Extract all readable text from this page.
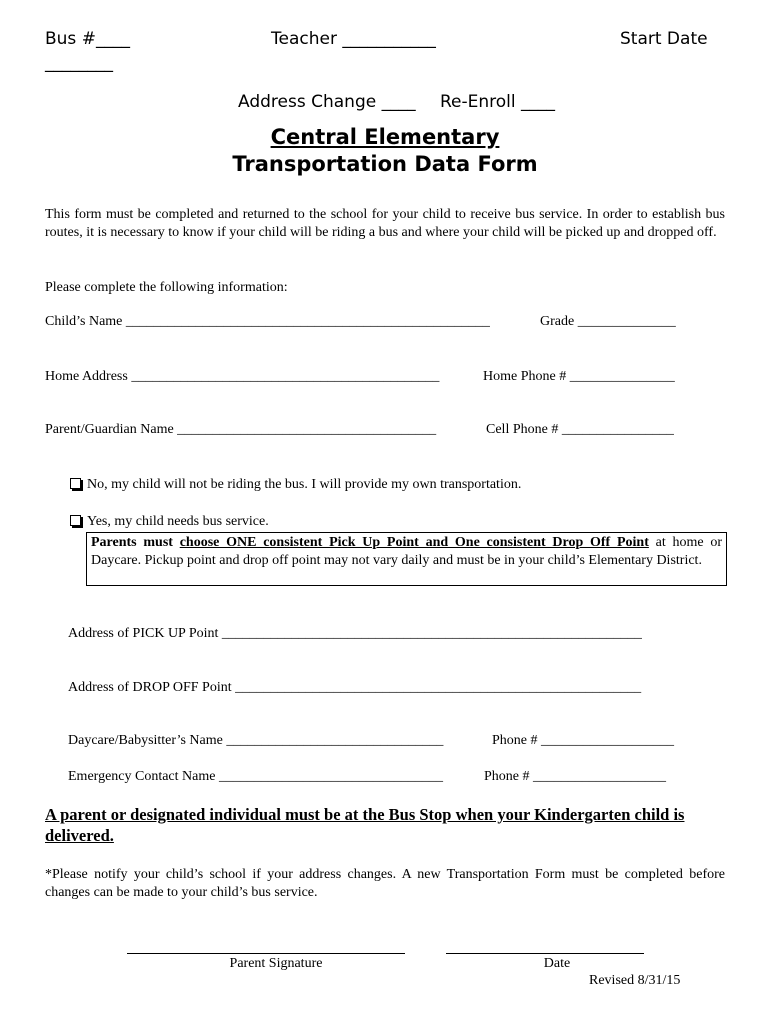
Bus #____
________
Teacher ___________	Start Date
Address Change ____ Re-Enroll ____
Central Elementary
Transportation Data Form
This form must be completed and returned to the school for your child to receive bus service. In order to establish bus routes, it is necessary to know if your child will be riding a bus and where your child will be picked up and dropped off.
Please complete the following information:
Child’s Name ____________________________________________________	Grade ______________
Home Address ____________________________________________	Home Phone # _______________
Parent/Guardian Name _____________________________________	Cell Phone # ________________
No, my child will not be riding the bus. I will provide my own transportation.
Yes, my child needs bus service.
Parents must choose ONE consistent Pick Up Point and One consistent Drop Off Point at home or Daycare. Pickup point and drop off point may not vary daily and must be in your child’s Elementary District.
Address of PICK UP Point ____________________________________________________________
Address of DROP OFF Point __________________________________________________________
Daycare/Babysitter’s Name _______________________________	Phone # ___________________
Emergency Contact Name ________________________________	Phone # ___________________
A parent or designated individual must be at the Bus Stop when your Kindergarten child is delivered.
*Please notify your child’s school if your address changes. A new Transportation Form must be completed before changes can be made to your child’s bus service.
Parent Signature	Date
Revised 8/31/15
